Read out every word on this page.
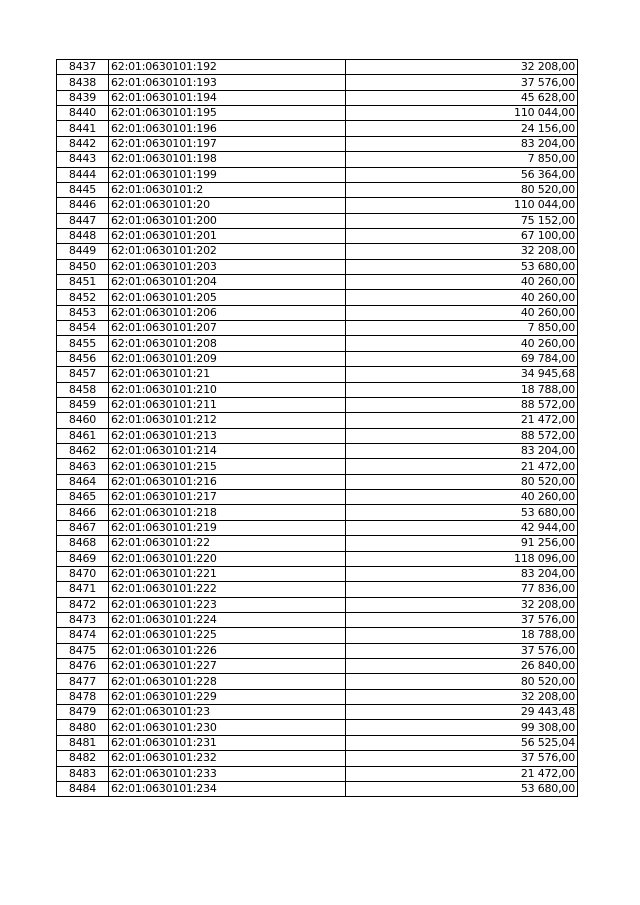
8437	62:01:0630101:192	32 208,00
8438	62:01:0630101:193	37 576,00
8439	62:01:0630101:194	45 628,00
8440	62:01:0630101:195	110 044,00
8441	62:01:0630101:196	24 156,00
8442	62:01:0630101:197	83 204,00
8443	62:01:0630101:198	7 850,00
8444	62:01:0630101:199	56 364,00
8445	62:01:0630101:2	80 520,00
8446	62:01:0630101:20	110 044,00
8447	62:01:0630101:200	75 152,00
8448	62:01:0630101:201	67 100,00
8449	62:01:0630101:202	32 208,00
8450	62:01:0630101:203	53 680,00
8451	62:01:0630101:204	40 260,00
8452	62:01:0630101:205	40 260,00
8453	62:01:0630101:206	40 260,00
8454	62:01:0630101:207	7 850,00
8455	62:01:0630101:208	40 260,00
8456	62:01:0630101:209	69 784,00
8457	62:01:0630101:21	34 945,68
8458	62:01:0630101:210	18 788,00
8459	62:01:0630101:211	88 572,00
8460	62:01:0630101:212	21 472,00
8461	62:01:0630101:213	88 572,00
8462	62:01:0630101:214	83 204,00
8463	62:01:0630101:215	21 472,00
8464	62:01:0630101:216	80 520,00
8465	62:01:0630101:217	40 260,00
8466	62:01:0630101:218	53 680,00
8467	62:01:0630101:219	42 944,00
8468	62:01:0630101:22	91 256,00
8469	62:01:0630101:220	118 096,00
8470	62:01:0630101:221	83 204,00
8471	62:01:0630101:222	77 836,00
8472	62:01:0630101:223	32 208,00
8473	62:01:0630101:224	37 576,00
8474	62:01:0630101:225	18 788,00
8475	62:01:0630101:226	37 576,00
8476	62:01:0630101:227	26 840,00
8477	62:01:0630101:228	80 520,00
8478	62:01:0630101:229	32 208,00
8479	62:01:0630101:23	29 443,48
8480	62:01:0630101:230	99 308,00
8481	62:01:0630101:231	56 525,04
8482	62:01:0630101:232	37 576,00
8483	62:01:0630101:233	21 472,00
8484	62:01:0630101:234	53 680,00
